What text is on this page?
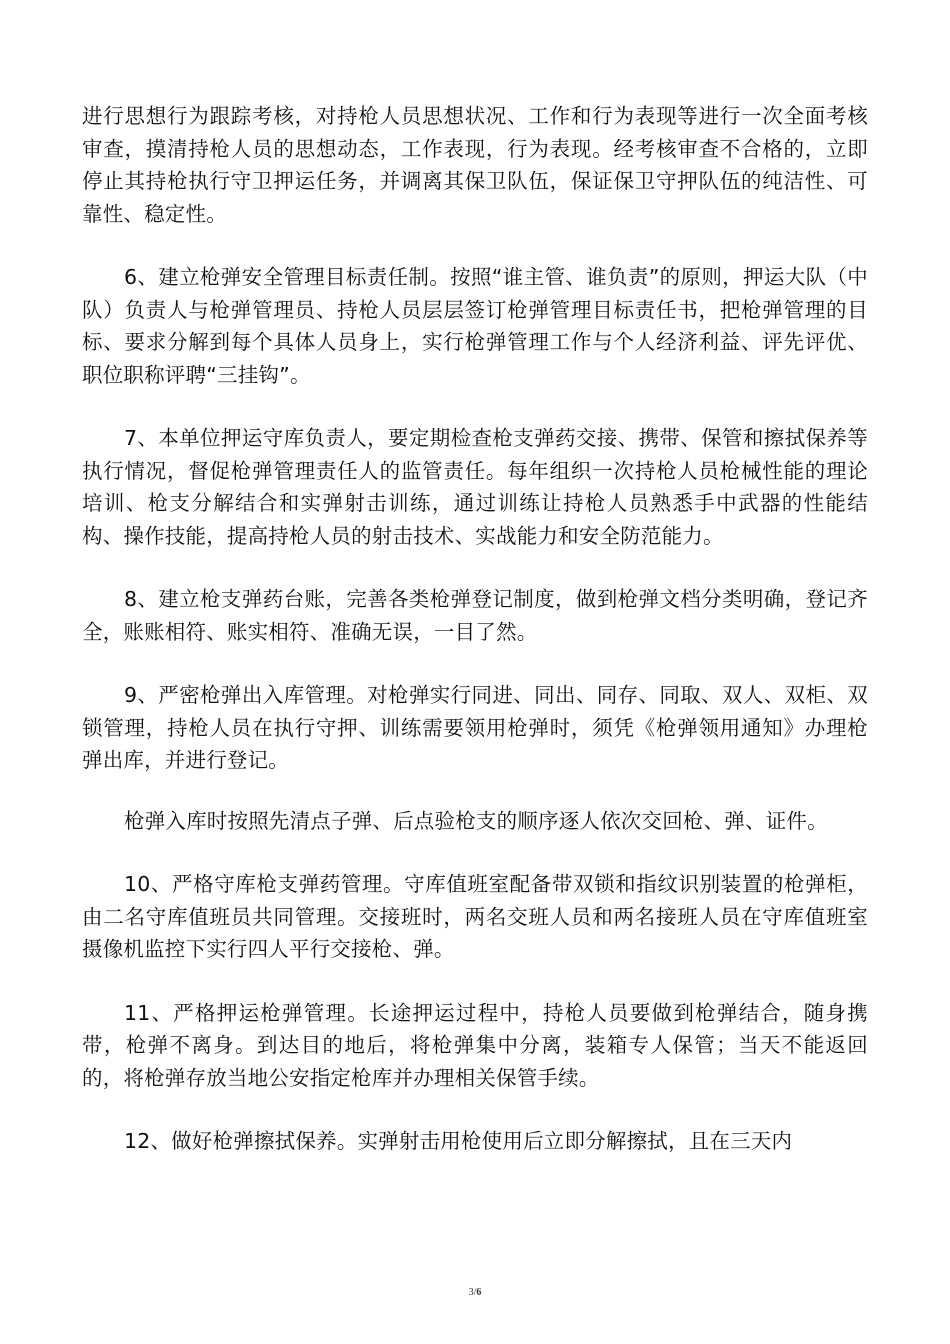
进行思想行为跟踪考核，对持枪人员思想状况、工作和行为表现等进行一次全面考核审查，摸清持枪人员的思想动态，工作表现，行为表现。经考核审查不合格的，立即停止其持枪执行守卫押运任务，并调离其保卫队伍，保证保卫守押队伍的纯洁性、可靠性、稳定性。

6、建立枪弹安全管理目标责任制。按照“谁主管、谁负责”的原则，押运大队（中队）负责人与枪弹管理员、持枪人员层层签订枪弹管理目标责任书，把枪弹管理的目标、要求分解到每个具体人员身上，实行枪弹管理工作与个人经济利益、评先评优、职位职称评聘“三挂钩”。

7、本单位押运守库负责人，要定期检查枪支弹药交接、携带、保管和擦拭保养等执行情况，督促枪弹管理责任人的监管责任。每年组织一次持枪人员枪械性能的理论培训、枪支分解结合和实弹射击训练，通过训练让持枪人员熟悉手中武器的性能结构、操作技能，提高持枪人员的射击技术、实战能力和安全防范能力。

8、建立枪支弹药台账，完善各类枪弹登记制度，做到枪弹文档分类明确，登记齐全，账账相符、账实相符、准确无误，一目了然。

9、严密枪弹出入库管理。对枪弹实行同进、同出、同存、同取、双人、双柜、双锁管理，持枪人员在执行守押、训练需要领用枪弹时，须凭《枪弹领用通知》办理枪弹出库，并进行登记。

枪弹入库时按照先清点子弹、后点验枪支的顺序逐人依次交回枪、弹、证件。

10、严格守库枪支弹药管理。守库值班室配备带双锁和指纹识别装置的枪弹柜，由二名守库值班员共同管理。交接班时，两名交班人员和两名接班人员在守库值班室摄像机监控下实行四人平行交接枪、弹。

11、严格押运枪弹管理。长途押运过程中，持枪人员要做到枪弹结合，随身携带，枪弹不离身。到达目的地后，将枪弹集中分离，装箱专人保管；当天不能返回的，将枪弹存放当地公安指定枪库并办理相关保管手续。

12、做好枪弹擦拭保养。实弹射击用枪使用后立即分解擦拭，且在三天内

3/6
